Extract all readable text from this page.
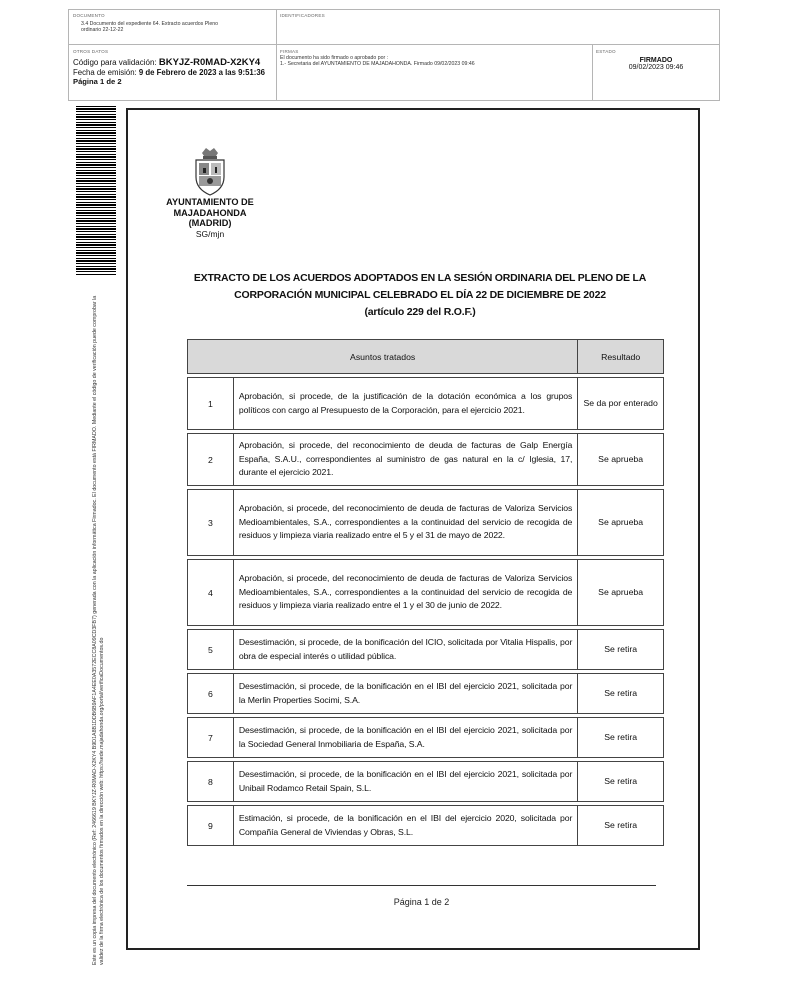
DOCUMENTO
3.4 Documento del expediente 64. Extracto acuerdos Pleno ordinario 22-12-22
IDENTIFICADORES
OTROS DATOS
Código para validación: BKYJZ-R0MAD-X2KY4
Fecha de emisión: 9 de Febrero de 2023 a las 9:51:36
Página 1 de 2
FIRMAS
El documento ha sido firmado o aprobado por :
1.- Secretaria del AYUNTAMIENTO DE MAJADAHONDA. Firmado 09/02/2023 09:46
ESTADO
FIRMADO
09/02/2023 09:46
Este es un copia impresa del documento electrónico (Ref: 2466619 BKYJZ-R0MAD-X2KY4 B9D1A8B1DDB6B9AF1A4EE0A3572ECC8A09CD3FB7) generada con la aplicación informática Firmadoc. El documento está FIRMADO. Mediante el código de verificación puede comprobar la validez de la firma electrónica de los documentos firmados en la dirección web: https://sede.majadahonda.org/portal/verificaDocumentos.do
AYUNTAMIENTO DE
MAJADAHONDA
(MADRID)
SG/mjn
EXTRACTO DE LOS ACUERDOS ADOPTADOS EN LA SESIÓN ORDINARIA DEL PLENO DE LA
CORPORACIÓN MUNICIPAL CELEBRADO EL DÍA 22 DE DICIEMBRE DE 2022
(artículo 229 del R.O.F.)
Asuntos tratados		Resultado

1	Aprobación, si procede, de la justificación de la dotación económica a los grupos políticos con cargo al Presupuesto de la Corporación, para el ejercicio 2021.	Se da por enterado

2	Aprobación, si procede, del reconocimiento de deuda de facturas de Galp Energía España, S.A.U., correspondientes al suministro de gas natural en la c/ Iglesia, 17, durante el ejercicio 2021.	Se aprueba

3	Aprobación, si procede, del reconocimiento de deuda de facturas de Valoriza Servicios Medioambientales, S.A., correspondientes a la continuidad del servicio de recogida de residuos y limpieza viaria realizado entre el 5 y el 31 de mayo de 2022.	Se aprueba

4	Aprobación, si procede, del reconocimiento de deuda de facturas de Valoriza Servicios Medioambientales, S.A., correspondientes a la continuidad del servicio de recogida de residuos y limpieza viaria realizado entre el 1 y el 30 de junio de 2022.	Se aprueba

5	Desestimación, si procede, de la bonificación del ICIO, solicitada por Vitalia Hispalis, por obra de especial interés o utilidad pública.	Se retira

6	Desestimación, si procede, de la bonificación en el IBI del ejercicio 2021, solicitada por la Merlin Properties Socimi, S.A.	Se retira

7	Desestimación, si procede, de la bonificación en el IBI del ejercicio 2021, solicitada por la Sociedad General Inmobiliaria de España, S.A.	Se retira

8	Desestimación, si procede, de la bonificación en el IBI del ejercicio 2021, solicitada por Unibail Rodamco Retail Spain, S.L.	Se retira

9	Estimación, si procede, de la bonificación en el IBI del ejercicio 2020, solicitada por Compañía General de Viviendas y Obras, S.L.	Se retira
Página 1 de 2
